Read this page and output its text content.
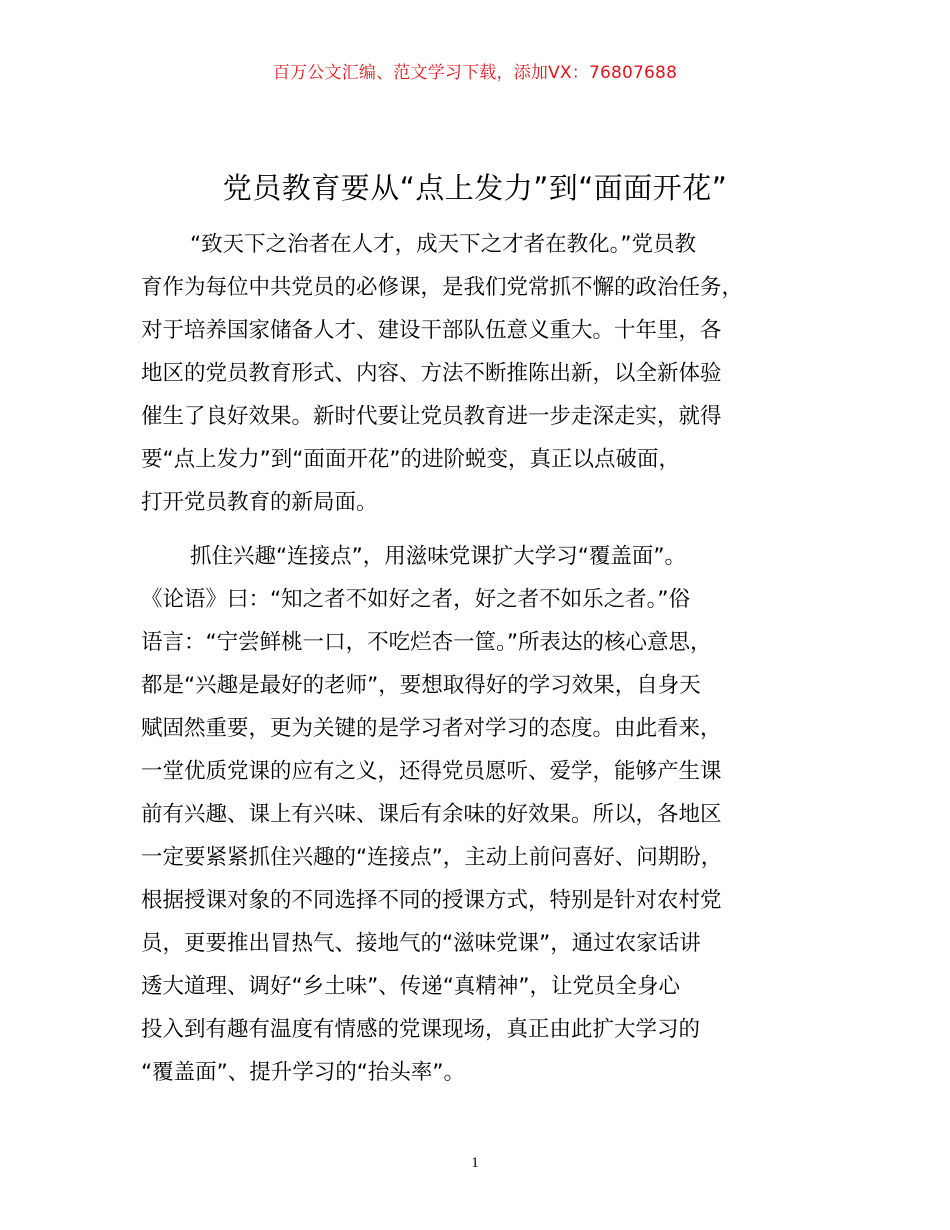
百万公文汇编、范文学习下载，添加VX：76807688
党员教育要从“点上发力”到“面面开花”
“致天下之治者在人才，成天下之才者在教化。”党员教
育作为每位中共党员的必修课，是我们党常抓不懈的政治任务，
对于培养国家储备人才、建设干部队伍意义重大。十年里，各
地区的党员教育形式、内容、方法不断推陈出新，以全新体验
催生了良好效果。新时代要让党员教育进一步走深走实，就得
要“点上发力”到“面面开花”的进阶蜕变，真正以点破面，
打开党员教育的新局面。
抓住兴趣“连接点”，用滋味党课扩大学习“覆盖面”。
《论语》曰：“知之者不如好之者，好之者不如乐之者。”俗
语言：“宁尝鲜桃一口，不吃烂杏一筐。”所表达的核心意思，
都是“兴趣是最好的老师”，要想取得好的学习效果，自身天
赋固然重要，更为关键的是学习者对学习的态度。由此看来，
一堂优质党课的应有之义，还得党员愿听、爱学，能够产生课
前有兴趣、课上有兴味、课后有余味的好效果。所以，各地区
一定要紧紧抓住兴趣的“连接点”，主动上前问喜好、问期盼，
根据授课对象的不同选择不同的授课方式，特别是针对农村党
员，更要推出冒热气、接地气的“滋味党课”，通过农家话讲
透大道理、调好“乡土味”、传递“真精神”，让党员全身心
投入到有趣有温度有情感的党课现场，真正由此扩大学习的
“覆盖面”、提升学习的“抬头率”。
1
